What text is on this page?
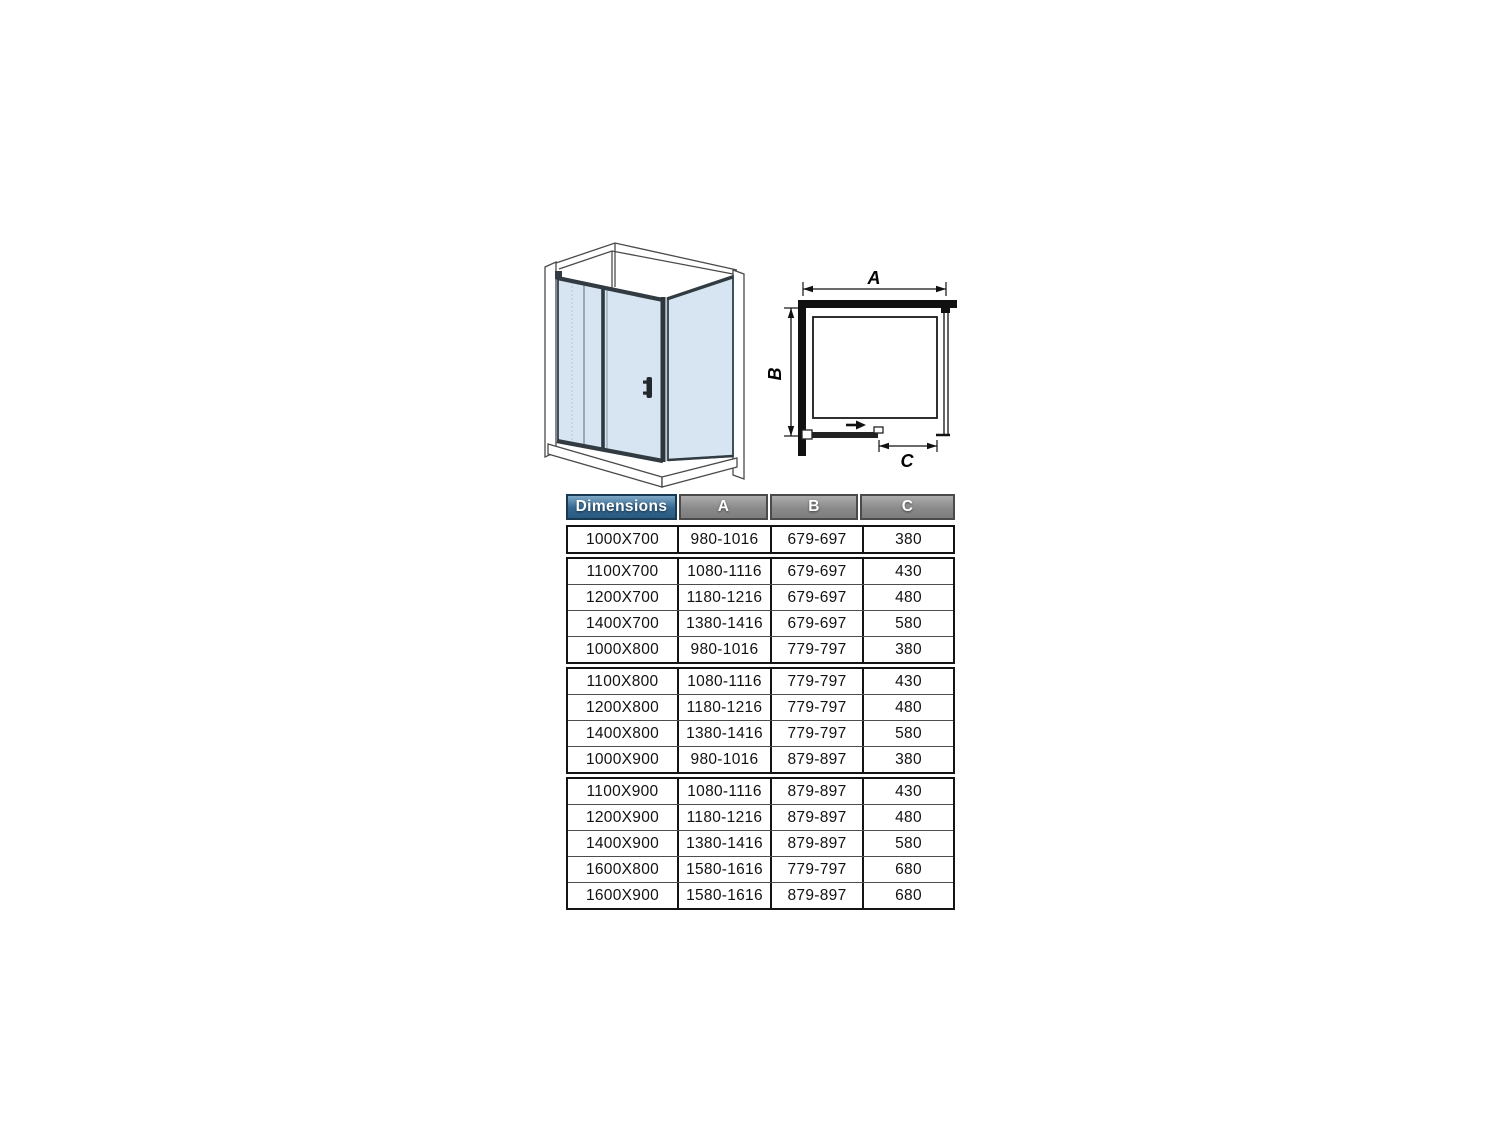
A
B
C
Dimensions	A	B	C
1000X700	980-1016	679-697	380
1100X700	1080-1116	679-697	430
1200X700	1180-1216	679-697	480
1400X700	1380-1416	679-697	580
1000X800	980-1016	779-797	380
1100X800	1080-1116	779-797	430
1200X800	1180-1216	779-797	480
1400X800	1380-1416	779-797	580
1000X900	980-1016	879-897	380
1100X900	1080-1116	879-897	430
1200X900	1180-1216	879-897	480
1400X900	1380-1416	879-897	580
1600X800	1580-1616	779-797	680
1600X900	1580-1616	879-897	680
